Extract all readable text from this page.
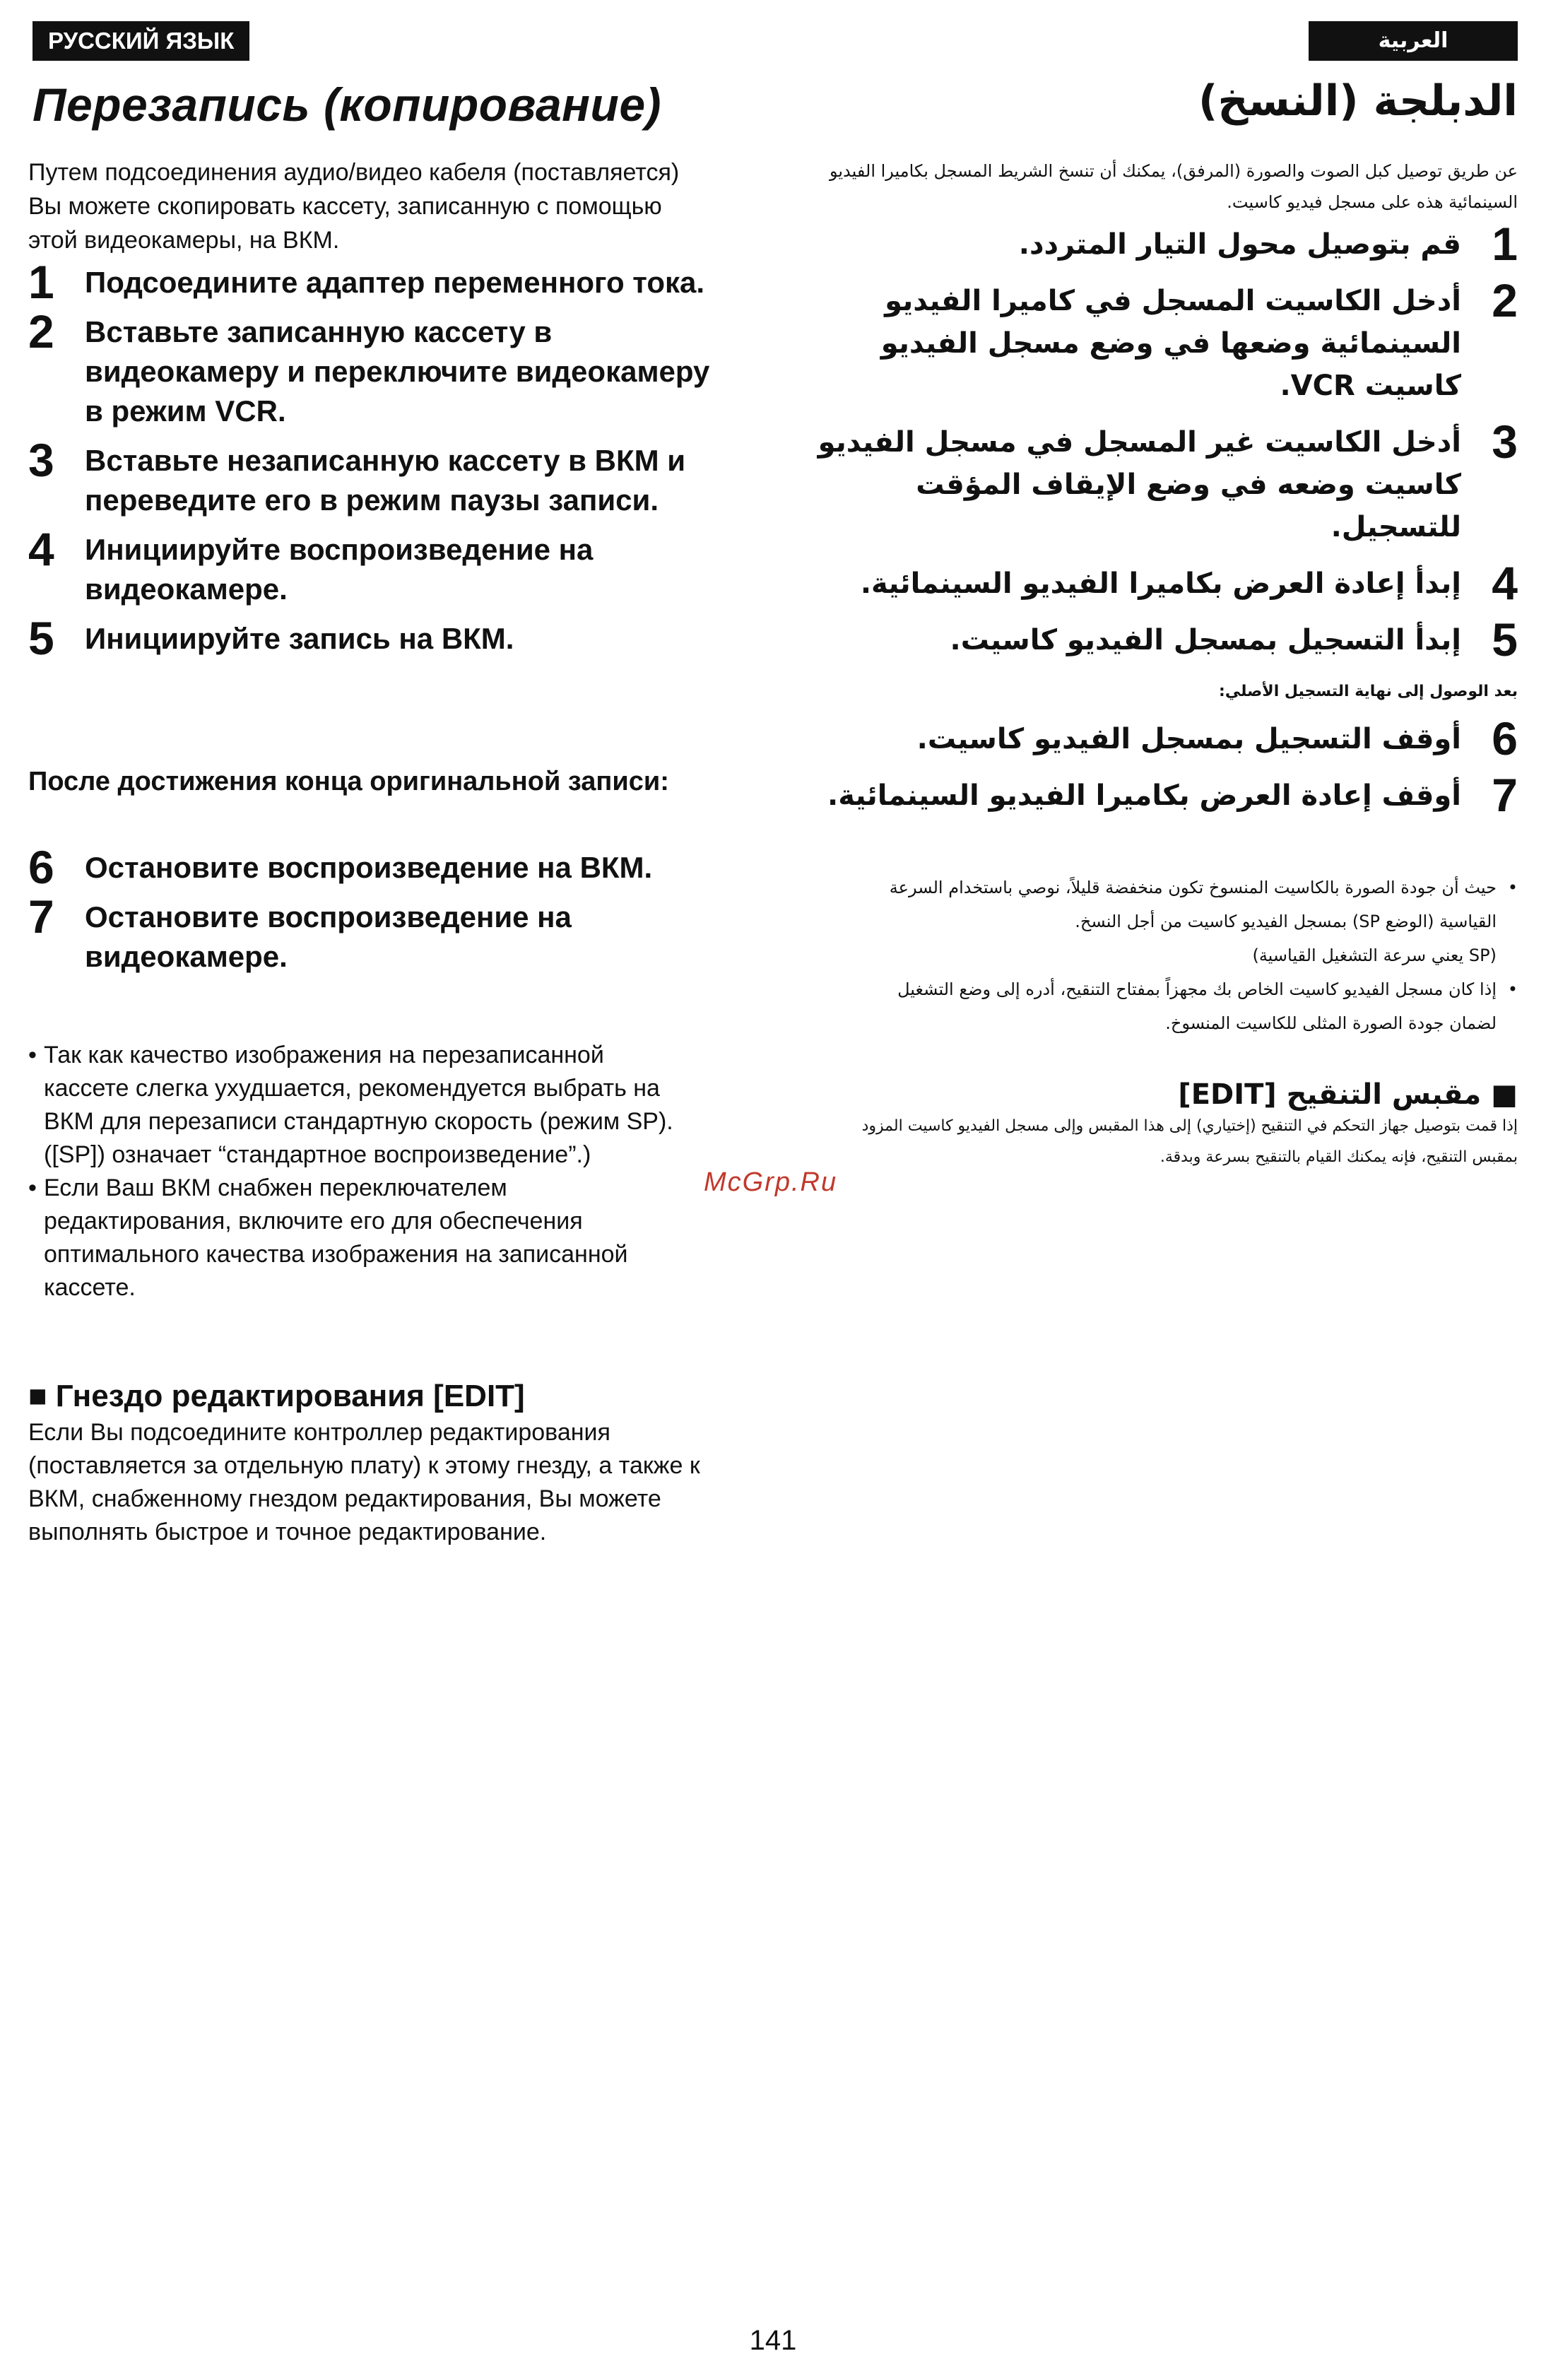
РУССКИЙ ЯЗЫК	العربية
Перезапись (копирование)

Путем подсоединения аудио/видео кабеля (поставляется) Вы можете скопировать кассету, записанную с помощью этой видеокамеры, на ВКМ.

1 Подсоедините адаптер переменного тока.
2 Вставьте записанную кассету в видеокамеру и переключите видеокамеру в режим VCR.
3 Вставьте незаписанную кассету в ВКМ и переведите его в режим паузы записи.
4 Инициируйте воспроизведение на видеокамере.
5 Инициируйте запись на ВКМ.
После достижения конца оригинальной записи:
6 Остановите воспроизведение на ВКМ.
7 Остановите воспроизведение на видеокамере.
• Так как качество изображения на перезаписанной кассете слегка ухудшается, рекомендуется выбрать на ВКМ для перезаписи стандартную скорость (режим SP).
([SP]) означает “стандартное воспроизведение”.)
• Если Ваш ВКМ снабжен переключателем редактирования, включите его для обеспечения оптимального качества изображения на записанной кассете.
■ Гнездо редактирования [EDIT]

Если Вы подсоедините контроллер редактирования (поставляется за отдельную плату) к этому гнезду, а также к ВКМ, снабженному гнездом редактирования, Вы можете выполнять быстрое и точное редактирование.

الدبلجة (النسخ)

عن طريق توصيل كبل الصوت والصورة (المرفق)، يمكنك أن تنسخ الشريط المسجل بكاميرا الفيديو السينمائية هذه على مسجل فيديو كاسيت.

1
قم بتوصيل محول التيار المتردد.
2
أدخل الكاسيت المسجل في كاميرا الفيديو السينمائية وضعها في وضع مسجل الفيديو كاسيت VCR.
3
أدخل الكاسيت غير المسجل في مسجل الفيديو كاسيت وضعه في وضع الإيقاف المؤقت للتسجيل.
4
إبدأ إعادة العرض بكاميرا الفيديو السينمائية.
5
إبدأ التسجيل بمسجل الفيديو كاسيت.
بعد الوصول إلى نهاية التسجيل الأصلي:
6
أوقف التسجيل بمسجل الفيديو كاسيت.
7
أوقف إعادة العرض بكاميرا الفيديو السينمائية.
•
حيث أن جودة الصورة بالكاسيت المنسوخ تكون منخفضة قليلاً، نوصي باستخدام السرعة القياسية (الوضع SP) بمسجل الفيديو كاسيت من أجل النسخ.
(SP يعني سرعة التشغيل القياسية)
•
إذا كان مسجل الفيديو كاسيت الخاص بك مجهزاً بمفتاح التنقيح، أدره إلى وضع التشغيل لضمان جودة الصورة المثلى للكاسيت المنسوخ.
■ مقبس التنقيح [EDIT]

إذا قمت بتوصيل جهاز التحكم في التنقيح (إختياري) إلى هذا المقبس وإلى مسجل الفيديو كاسيت المزود بمقبس التنقيح، فإنه يمكنك القيام بالتنقيح بسرعة وبدقة.

McGrp.Ru
141
